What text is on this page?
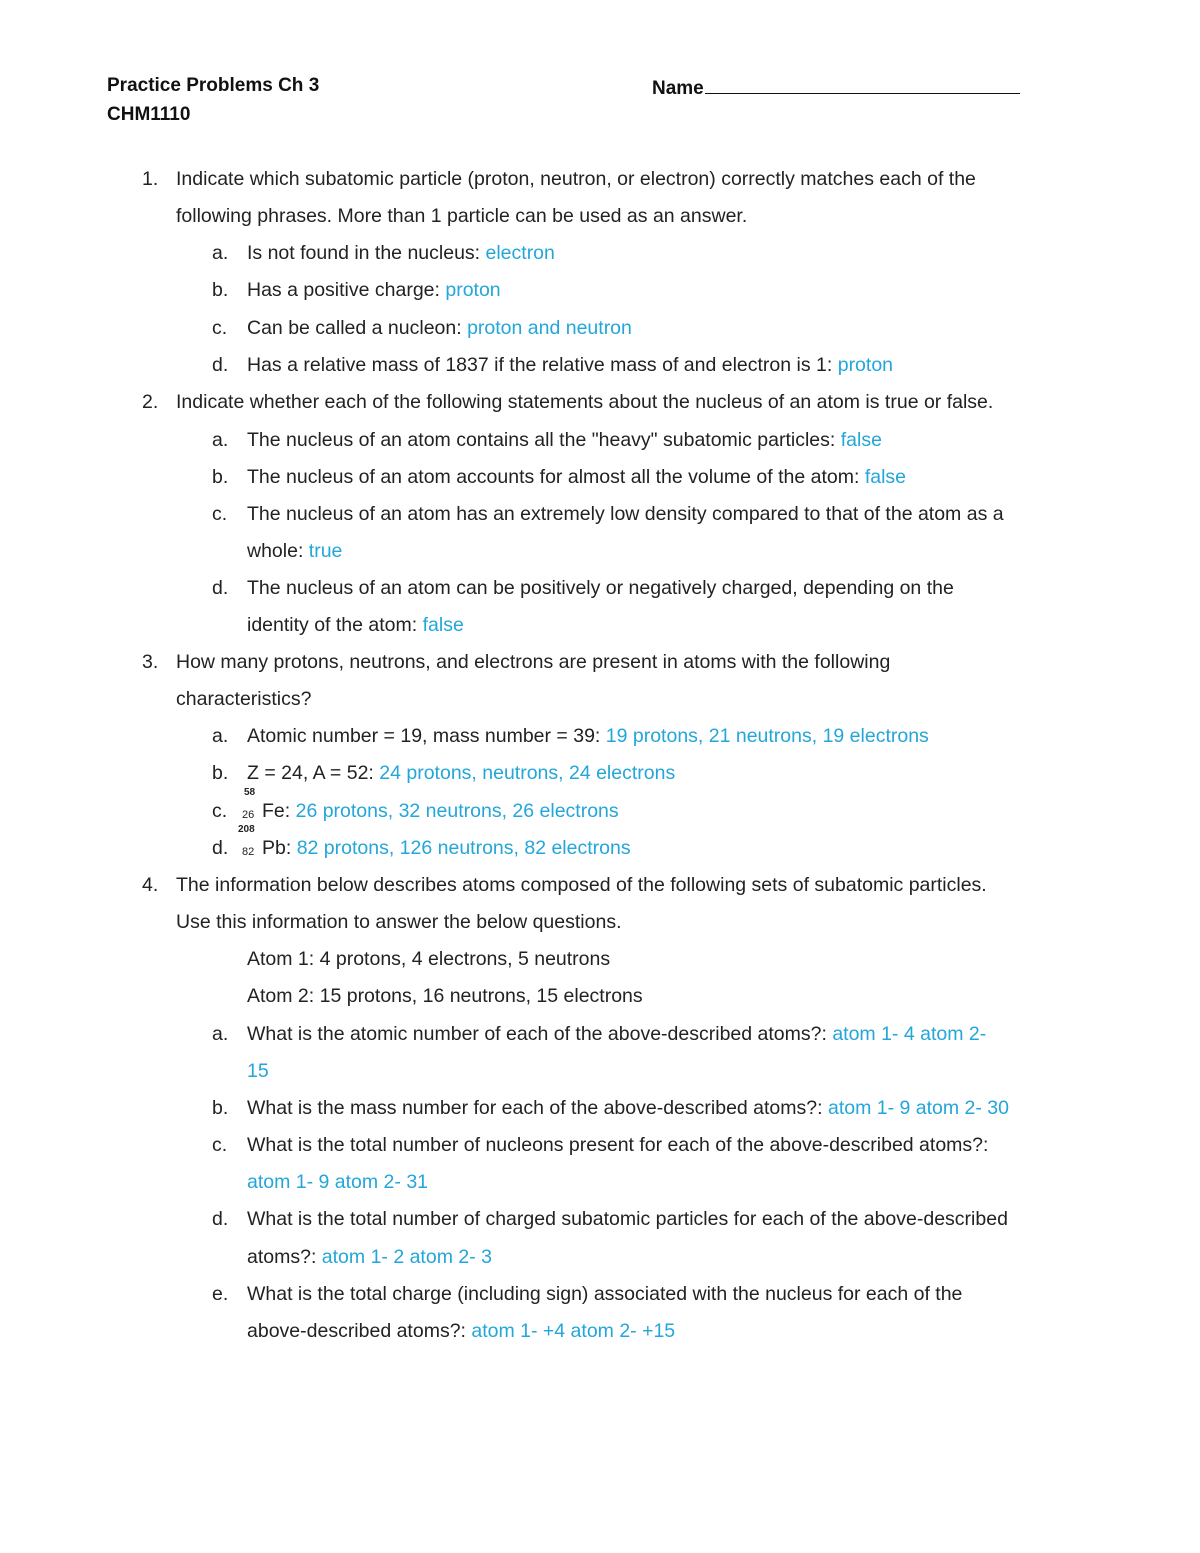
Practice Problems Ch 3
CHM1110
Name
1. Indicate which subatomic particle (proton, neutron, or electron) correctly matches each of the
following phrases. More than 1 particle can be used as an answer.
a. Is not found in the nucleus: electron
b. Has a positive charge: proton
c. Can be called a nucleon: proton and neutron
d. Has a relative mass of 1837 if the relative mass of and electron is 1: proton
2. Indicate whether each of the following statements about the nucleus of an atom is true or false.
a. The nucleus of an atom contains all the "heavy" subatomic particles: false
b. The nucleus of an atom accounts for almost all the volume of the atom: false
c. The nucleus of an atom has an extremely low density compared to that of the atom as a
whole: true
d. The nucleus of an atom can be positively or negatively charged, depending on the
identity of the atom: false
3. How many protons, neutrons, and electrons are present in atoms with the following
characteristics?
a. Atomic number = 19, mass number = 39: 19 protons, 21 neutrons, 19 electrons
b. Z = 24, A = 52: 24 protons, neutrons, 24 electrons
c.
58
26 Fe: 26 protons, 32 neutrons, 26 electrons
d.
208
82 Pb: 82 protons, 126 neutrons, 82 electrons
4. The information below describes atoms composed of the following sets of subatomic particles.
Use this information to answer the below questions.
Atom 1: 4 protons, 4 electrons, 5 neutrons
Atom 2: 15 protons, 16 neutrons, 15 electrons
a. What is the atomic number of each of the above-described atoms?: atom 1- 4 atom 2-
15
b. What is the mass number for each of the above-described atoms?: atom 1- 9 atom 2- 30
c. What is the total number of nucleons present for each of the above-described atoms?:
atom 1- 9 atom 2- 31
d. What is the total number of charged subatomic particles for each of the above-described
atoms?: atom 1- 2 atom 2- 3
e. What is the total charge (including sign) associated with the nucleus for each of the
above-described atoms?: atom 1- +4 atom 2- +15
